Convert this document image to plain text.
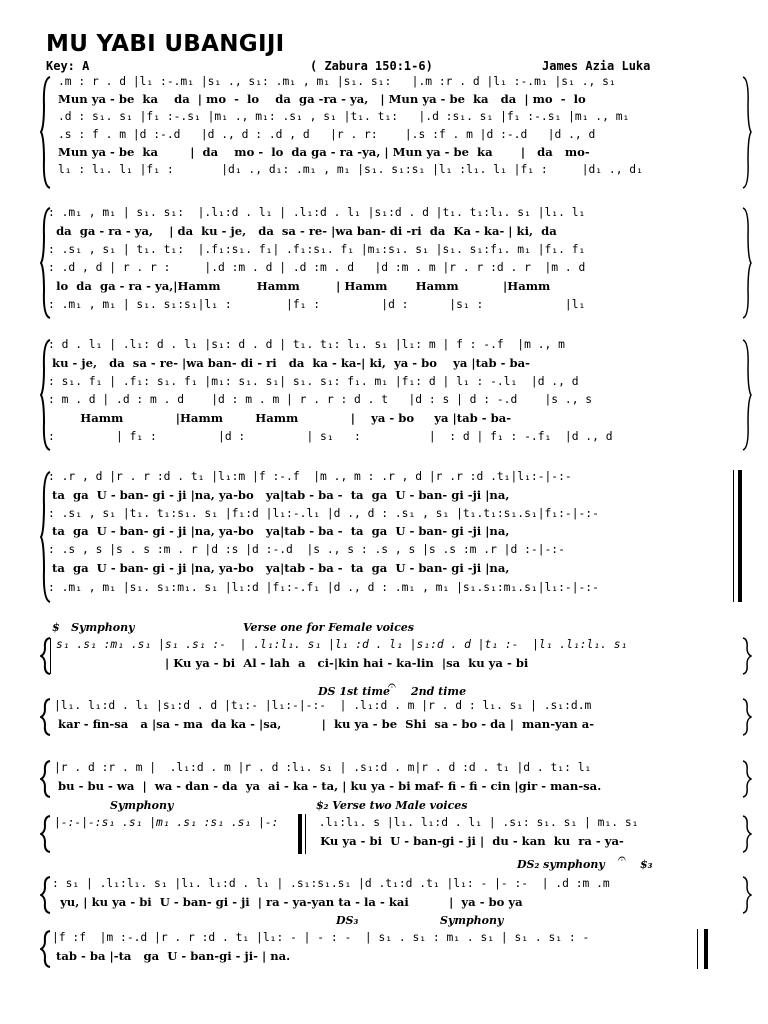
MU YABI UBANGIJI
Key: A	( Zabura 150:1-6)	James Azia Luka
.m : r . d |l₁ :-.m₁ |s₁ ., s₁: .m₁ , m₁ |s₁. s₁:   |.m :r . d |l₁ :-.m₁ |s₁ ., s₁
Mun ya - be  ka    da  | mo  -  lo    da  ga -ra - ya,   | Mun ya - be  ka   da  | mo  -  lo
.d : s₁. s₁ |f₁ :-.s₁ |m₁ ., m₁: .s₁ , s₁ |t₁. t₁:   |.d :s₁. s₁ |f₁ :-.s₁ |m₁ ., m₁
.s : f . m |d :-.d   |d ., d : .d , d   |r . r:    |.s :f . m |d :-.d   |d ., d
Mun ya - be  ka        |  da    mo -  lo  da ga - ra -ya, | Mun ya - be  ka       |   da   mo-
l₁ : l₁. l₁ |f₁ :       |d₁ ., d₁: .m₁ , m₁ |s₁. s₁:s₁ |l₁ :l₁. l₁ |f₁ :     |d₁ ., d₁
: .m₁ , m₁ | s₁. s₁:  |.l₁:d . l₁ | .l₁:d . l₁ |s₁:d . d |t₁. t₁:l₁. s₁ |l₁. l₁
da  ga - ra - ya,    | da  ku - je,   da  sa - re- |wa ban- di -ri  da  Ka - ka- | ki,  da
: .s₁ , s₁ | t₁. t₁:  |.f₁:s₁. f₁| .f₁:s₁. f₁ |m₁:s₁. s₁ |s₁. s₁:f₁. m₁ |f₁. f₁
: .d , d | r . r :     |.d :m . d | .d :m . d   |d :m . m |r . r :d . r  |m . d
lo  da  ga - ra - ya,|Hamm         Hamm         | Hamm       Hamm           |Hamm
: .m₁ , m₁ | s₁. s₁:s₁|l₁ :        |f₁ :         |d :      |s₁ :            |l₁
: d . l₁ | .l₁: d . l₁ |s₁: d . d | t₁. t₁: l₁. s₁ |l₁: m | f : -.f  |m ., m
ku - je,   da  sa - re- |wa ban- di - ri   da  ka - ka-| ki,  ya - bo    ya |tab - ba-
: s₁. f₁ | .f₁: s₁. f₁ |m₁: s₁. s₁| s₁. s₁: f₁. m₁ |f₁: d | l₁ : -.l₁  |d ., d
: m . d | .d : m . d    |d : m . m | r . r : d . t   |d : s | d : -.d    |s ., s
Hamm             |Hamm        Hamm             |    ya - bo     ya |tab - ba-
:         | f₁ :         |d :         | s₁   :          |  : d | f₁ : -.f₁  |d ., d
: .r , d |r . r :d . t₁ |l₁:m |f :-.f  |m ., m : .r , d |r .r :d .t₁|l₁:-|-:-
ta  ga  U - ban- gi - ji |na, ya-bo   ya|tab - ba -  ta  ga  U - ban- gi -ji |na,
: .s₁ , s₁ |t₁. t₁:s₁. s₁ |f₁:d |l₁:-.l₁ |d ., d : .s₁ , s₁ |t₁.t₁:s₁.s₁|f₁:-|-:-
ta  ga  U - ban- gi - ji |na, ya-bo   ya|tab - ba -  ta  ga  U - ban- gi -ji |na,
: .s , s |s . s :m . r |d :s |d :-.d  |s ., s : .s , s |s .s :m .r |d :-|-:-
ta  ga  U - ban- gi - ji |na, ya-bo   ya|tab - ba -  ta  ga  U - ban- gi -ji |na,
: .m₁ , m₁ |s₁. s₁:m₁. s₁ |l₁:d |f₁:-.f₁ |d ., d : .m₁ , m₁ |s₁.s₁:m₁.s₁|l₁:-|-:-
$   Symphony	Verse one for Female voices
s₁ .s₁ :m₁ .s₁ |s₁ .s₁ :-  | .l₁:l₁. s₁ |l₁ :d . l₁ |s₁:d . d |t₁ :-  |l₁ .l₁:l₁. s₁
| Ku ya - bi  Al - lah  a   ci-|kin hai - ka-lin  |sa  ku ya - bi
DS 1st time
𝄐 2nd time
|l₁. l₁:d . l₁ |s₁:d . d |t₁:- |l₁:-|-:-  | .l₁:d . m |r . d : l₁. s₁ | .s₁:d.m
kar - fin-sa   a |sa - ma  da ka - |sa,          |  ku ya - be  Shi  sa - bo - da |  man-yan a-
|r . d :r . m |  .l₁:d . m |r . d :l₁. s₁ | .s₁:d . m|r . d :d . t₁ |d . t₁: l₁
bu - bu - wa  |  wa - dan - da  ya  ai - ka - ta, | ku ya - bi maf- fi - fi - cin |gir - man-sa.
Symphony	$₂ Verse two Male voices
|-:-|-:s₁ .s₁ |m₁ .s₁ :s₁ .s₁ |-:	.l₁:l₁. s |l₁. l₁:d . l₁ | .s₁: s₁. s₁ | m₁. s₁
Ku ya - bi  U - ban-gi - ji |  du - kan  ku  ra - ya-
DS₂ symphony 𝄐 $₃
: s₁ | .l₁:l₁. s₁ |l₁. l₁:d . l₁ | .s₁:s₁.s₁ |d .t₁:d .t₁ |l₁: - |- :-  | .d :m .m
yu, | ku ya - bi  U - ban- gi - ji  | ra - ya-yan ta - la - kai          |  ya - bo ya
DS₃	Symphony
|f :f  |m :-.d |r . r :d . t₁ |l₁: - | - : -  | s₁ . s₁ : m₁ . s₁ | s₁ . s₁ : -
tab - ba |-ta   ga  U - ban-gi - ji- | na.
